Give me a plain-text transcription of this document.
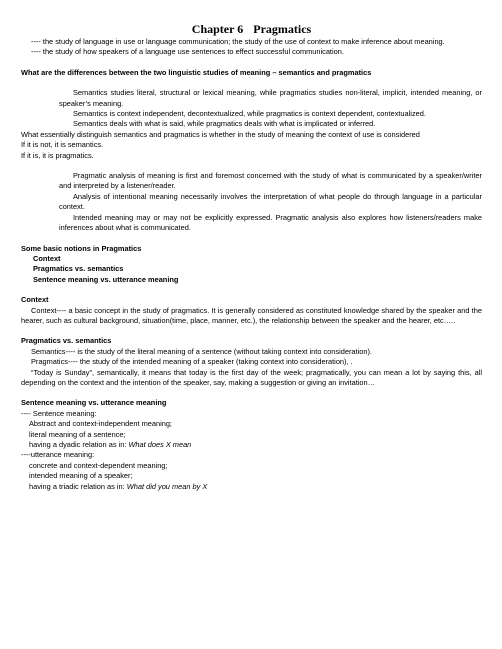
Chapter 6 Pragmatics

---- the study of language in use or language communication; the study of the use of context to make inference about meaning.

---- the study of how speakers of a language use sentences to effect successful communication.

What are the differences between the two linguistic studies of meaning – semantics and pragmatics

Semantics studies literal, structural or lexical meaning, while pragmatics studies non-literal, implicit, intended meaning, or speaker’s meaning.

Semantics is context independent, decontextualized, while pragmatics is context dependent, contextualized.

Semantics deals with what is said, while pragmatics deals with what is implicated or inferred.

What essentially distinguish semantics and pragmatics is whether in the study of meaning the context of use is considered

If it is not, it is semantics.

If it is, it is pragmatics.

Pragmatic analysis of meaning is first and foremost concerned with the study of what is communicated by a speaker/writer and interpreted by a listener/reader.

Analysis of intentional meaning necessarily involves the interpretation of what people do through language in a particular context.

Intended meaning may or may not be explicitly expressed. Pragmatic analysis also explores how listeners/readers make inferences about what is communicated.

Some basic notions in Pragmatics

Context

Pragmatics vs. semantics

Sentence meaning vs. utterance meaning

Context

Context---- a basic concept in the study of pragmatics. It is generally considered as constituted knowledge shared by the speaker and the hearer, such as cultural background, situation(time, place, manner, etc.), the relationship between the speaker and the hearer, etc…..

Pragmatics vs. semantics

Semantics---- is the study of the literal meaning of a sentence (without taking context into consideration).

Pragmatics---- the study of the intended meaning of a speaker (taking context into consideration), .

“Today is Sunday”, semantically, it means that today is the first day of the week; pragmatically, you can mean a lot by saying this, all depending on the context and the intention of the speaker, say, making a suggestion or giving an invitation…

Sentence meaning vs. utterance meaning

---- Sentence meaning:

Abstract and context-independent meaning;

literal meaning of a sentence;

having a dyadic relation as in: What does X mean

----utterance meaning:

concrete and context-dependent meaning;

intended meaning of a speaker;

having a triadic relation as in: What did you mean by X
